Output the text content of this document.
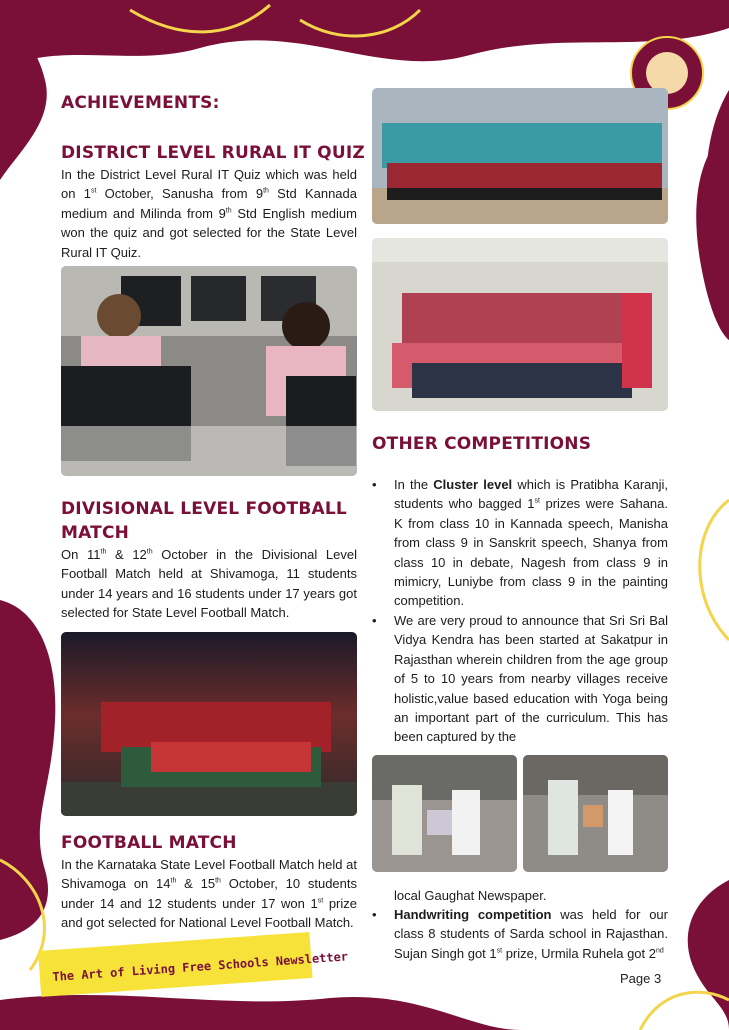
ACHIEVEMENTS:
DISTRICT LEVEL RURAL IT QUIZ
In the District Level Rural IT Quiz which was held on 1st October, Sanusha from 9th Std Kannada medium and Milinda from 9th Std English medium won the quiz and got selected for the State Level Rural IT Quiz.
DIVISIONAL LEVEL FOOTBALL MATCH
On 11th & 12th October in the Divisional Level Football Match held at Shivamoga, 11 students under 14 years and 16 students under 17 years got selected for State Level Football Match.
FOOTBALL MATCH
In the Karnataka State Level Football Match held at Shivamoga on 14th & 15th October, 10 students under 14 and 12 students under 17 won 1st prize and got selected for National Level Football Match.
OTHER COMPETITIONS
• In the Cluster level which is Pratibha Karanji, students who bagged 1st prizes were Sahana. K from class 10 in Kannada speech, Manisha from class 9 in Sanskrit speech, Shanya from class 10 in debate, Nagesh from class 9 in mimicry, Luniybe from class 9 in the painting competition.
• We are very proud to announce that Sri Sri Bal Vidya Kendra has been started at Sakatpur in Rajasthan wherein children from the age group of 5 to 10 years from nearby villages receive holistic,value based education with Yoga being an important part of the curriculum. This has been captured by the
local Gaughat Newspaper.
• Handwriting competition was held for our class 8 students of Sarda school in Rajasthan. Sujan Singh got 1st prize, Urmila Ruhela got 2nd
The Art of Living Free Schools Newsletter	Page 3
